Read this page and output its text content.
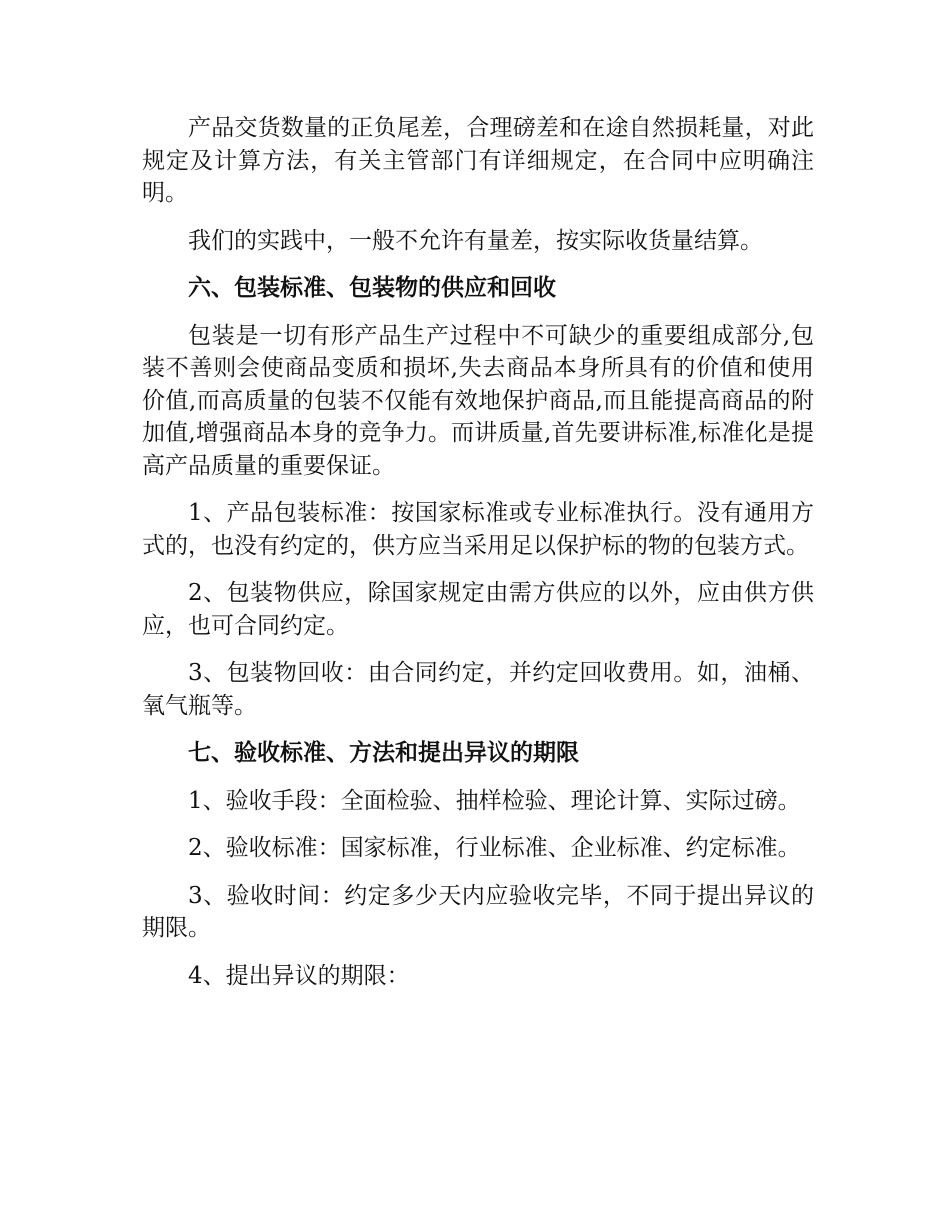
产品交货数量的正负尾差，合理磅差和在途自然损耗量，对此规定及计算方法，有关主管部门有详细规定，在合同中应明确注明。

我们的实践中，一般不允许有量差，按实际收货量结算。

六、包装标准、包装物的供应和回收

包装是一切有形产品生产过程中不可缺少的重要组成部分,包装不善则会使商品变质和损坏,失去商品本身所具有的价值和使用价值,而高质量的包装不仅能有效地保护商品,而且能提高商品的附加值,增强商品本身的竞争力。而讲质量,首先要讲标准,标准化是提高产品质量的重要保证。

1、产品包装标准：按国家标准或专业标准执行。没有通用方式的，也没有约定的，供方应当采用足以保护标的物的包装方式。

2、包装物供应，除国家规定由需方供应的以外，应由供方供应，也可合同约定。

3、包装物回收：由合同约定，并约定回收费用。如，油桶、氧气瓶等。

七、验收标准、方法和提出异议的期限

1、验收手段：全面检验、抽样检验、理论计算、实际过磅。

2、验收标准：国家标准，行业标准、企业标准、约定标准。

3、验收时间：约定多少天内应验收完毕，不同于提出异议的期限。

4、提出异议的期限：
